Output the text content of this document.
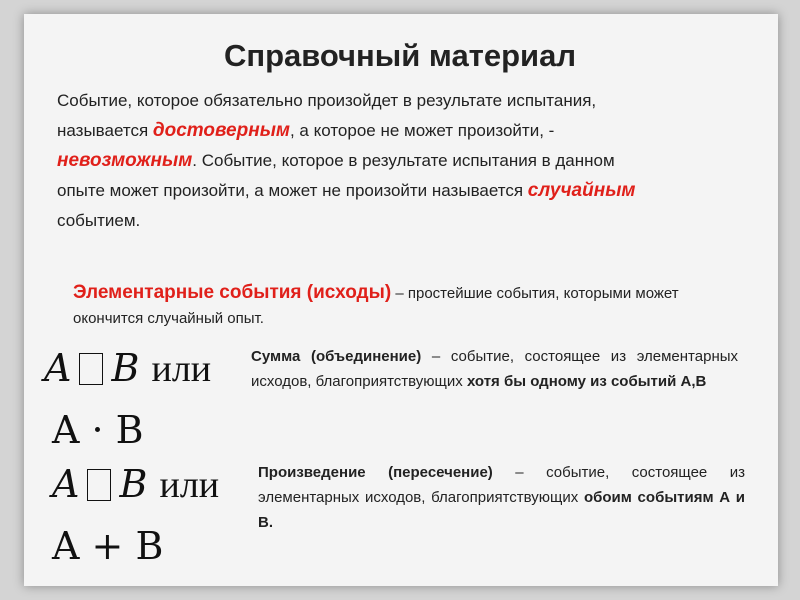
Справочный материал
Событие, которое обязательно произойдет в результате испытания, называется достоверным, а которое не может произойти, - невозможным. Событие, которое в результате испытания в данном опыте может произойти, а может не произойти называется случайным событием.
Элементарные события (исходы) – простейшие события, которыми может окончится случайный опыт.
A B или
A · B
A B или
A + B
Сумма (объединение) – событие, состоящее из элементарных исходов, благоприятствующих хотя бы одному из событий А,В
Произведение (пересечение) – событие, состоящее из элементарных исходов, благоприятствующих обоим событиям А и В.
